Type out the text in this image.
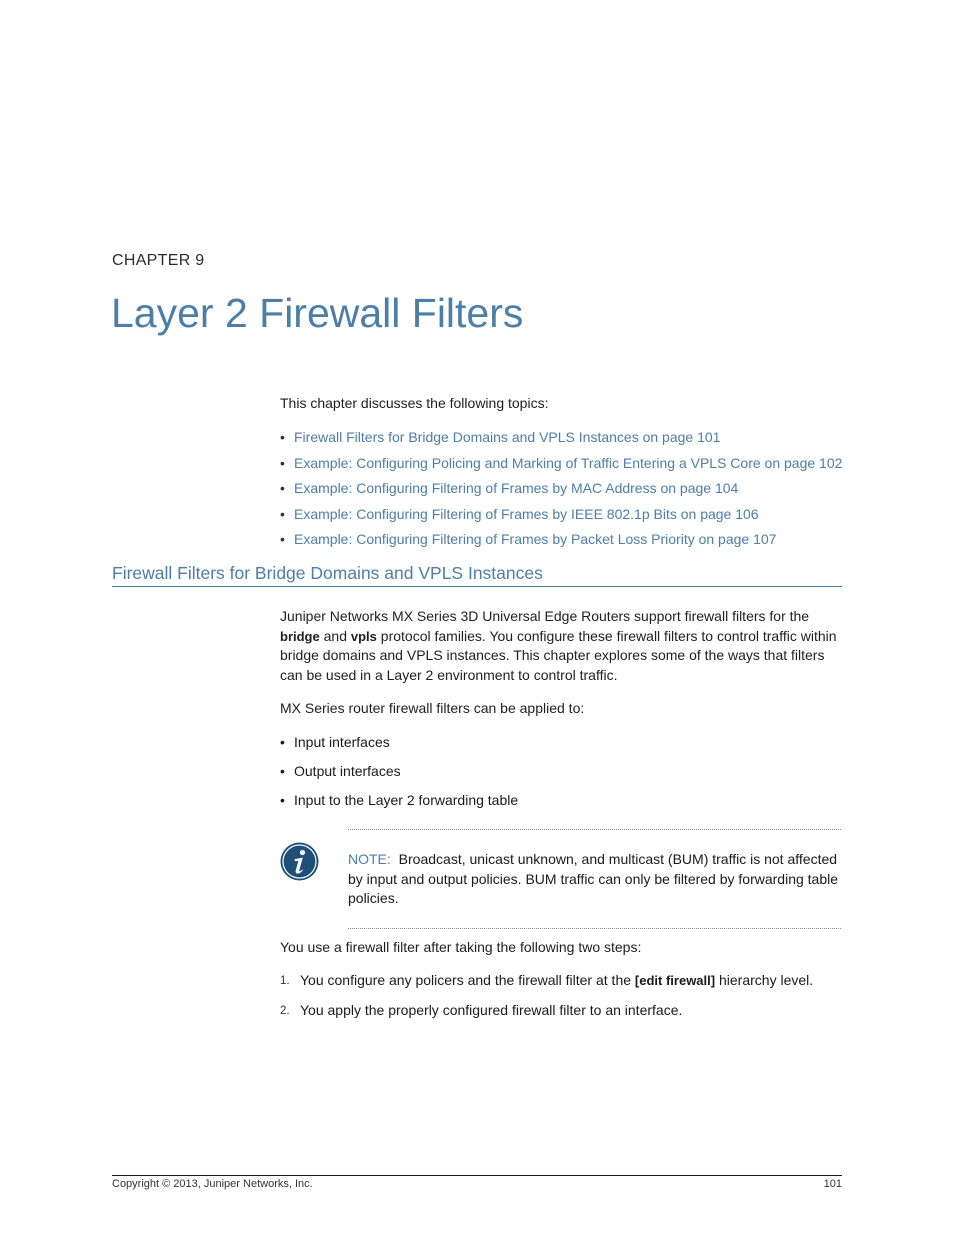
CHAPTER 9
Layer 2 Firewall Filters
This chapter discusses the following topics:
• Firewall Filters for Bridge Domains and VPLS Instances on page 101
• Example: Configuring Policing and Marking of Traffic Entering a VPLS Core on page 102
• Example: Configuring Filtering of Frames by MAC Address on page 104
• Example: Configuring Filtering of Frames by IEEE 802.1p Bits on page 106
• Example: Configuring Filtering of Frames by Packet Loss Priority on page 107
Firewall Filters for Bridge Domains and VPLS Instances

Juniper Networks MX Series 3D Universal Edge Routers support firewall filters for the bridge and vpls protocol families. You configure these firewall filters to control traffic within bridge domains and VPLS instances. This chapter explores some of the ways that filters can be used in a Layer 2 environment to control traffic.

MX Series router firewall filters can be applied to:

• Input interfaces
• Output interfaces
• Input to the Layer 2 forwarding table
NOTE: Broadcast, unicast unknown, and multicast (BUM) traffic is not affected by input and output policies. BUM traffic can only be filtered by forwarding table policies.

You use a firewall filter after taking the following two steps:

1. You configure any policers and the firewall filter at the [edit firewall] hierarchy level.
2. You apply the properly configured firewall filter to an interface.
Copyright © 2013, Juniper Networks, Inc.	101
